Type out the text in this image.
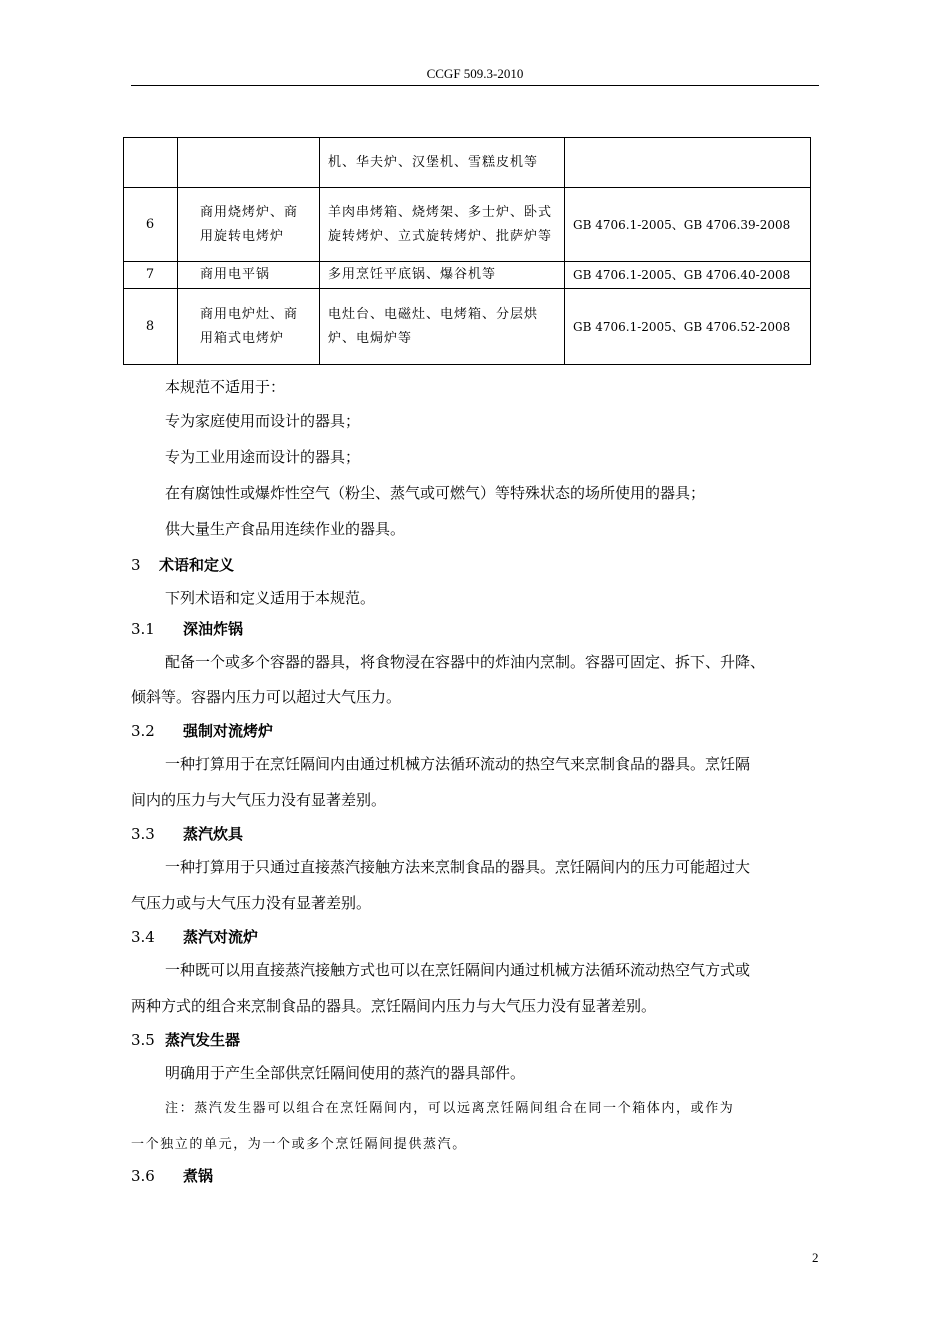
CCGF 509.3-2010
		机、华夫炉、汉堡机、雪糕皮机等	
6	商用烧烤炉、商用旋转电烤炉	羊肉串烤箱、烧烤架、多士炉、卧式旋转烤炉、立式旋转烤炉、批萨炉等	GB 4706.1-2005、GB 4706.39-2008
7	商用电平锅	多用烹饪平底锅、爆谷机等	GB 4706.1-2005、GB 4706.40-2008
8	商用电炉灶、商用箱式电烤炉	电灶台、电磁灶、电烤箱、分层烘炉、电焗炉等	GB 4706.1-2005、GB 4706.52-2008
本规范不适用于：
专为家庭使用而设计的器具；
专为工业用途而设计的器具；
在有腐蚀性或爆炸性空气（粉尘、蒸气或可燃气）等特殊状态的场所使用的器具；
供大量生产食品用连续作业的器具。
3 术语和定义
下列术语和定义适用于本规范。
3.1 深油炸锅
配备一个或多个容器的器具，将食物浸在容器中的炸油内烹制。容器可固定、拆下、升降、
倾斜等。容器内压力可以超过大气压力。
3.2 强制对流烤炉
一种打算用于在烹饪隔间内由通过机械方法循环流动的热空气来烹制食品的器具。烹饪隔
间内的压力与大气压力没有显著差别。
3.3 蒸汽炊具
一种打算用于只通过直接蒸汽接触方法来烹制食品的器具。烹饪隔间内的压力可能超过大
气压力或与大气压力没有显著差别。
3.4 蒸汽对流炉
一种既可以用直接蒸汽接触方式也可以在烹饪隔间内通过机械方法循环流动热空气方式或
两种方式的组合来烹制食品的器具。烹饪隔间内压力与大气压力没有显著差别。
3.5 蒸汽发生器
明确用于产生全部供烹饪隔间使用的蒸汽的器具部件。
注：蒸汽发生器可以组合在烹饪隔间内，可以远离烹饪隔间组合在同一个箱体内，或作为
一个独立的单元，为一个或多个烹饪隔间提供蒸汽。
3.6 煮锅
2
